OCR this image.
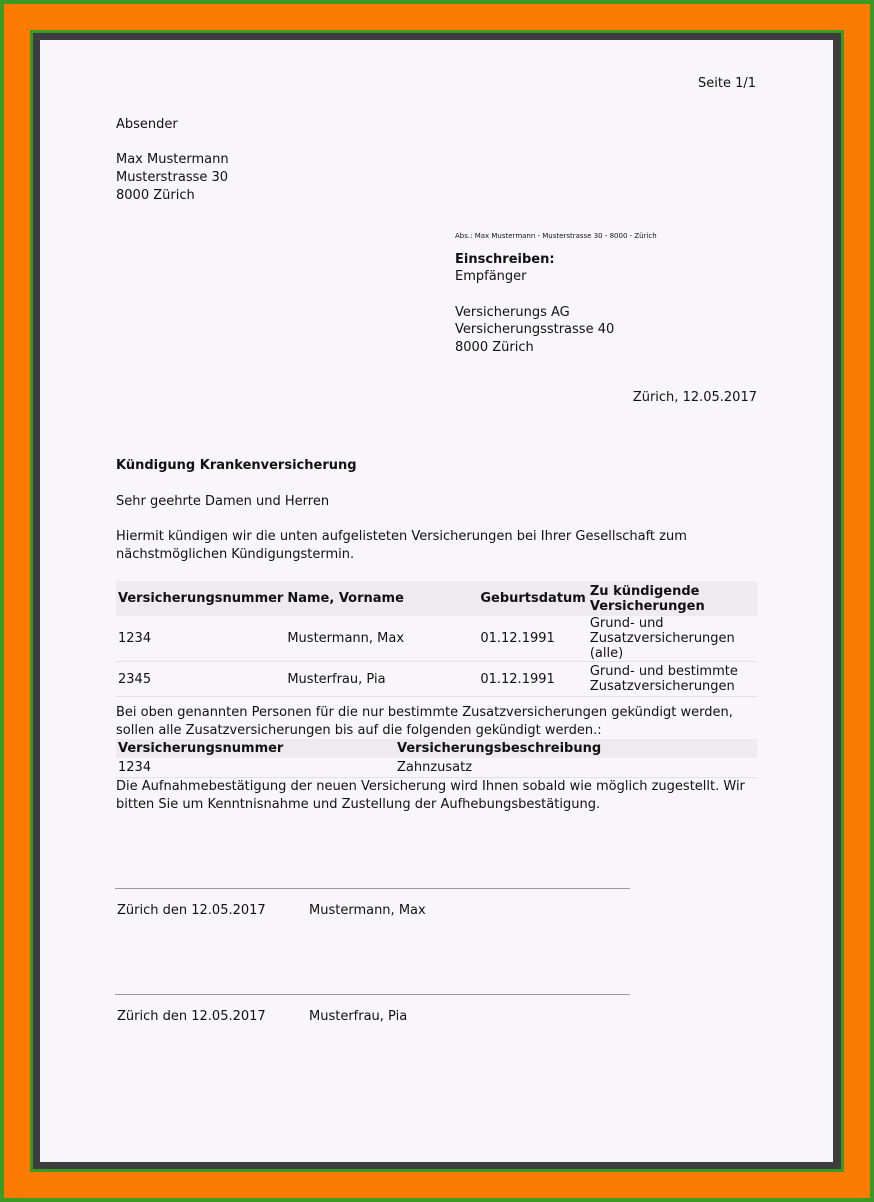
Seite 1/1
Absender
Max Mustermann
Musterstrasse 30
8000 Zürich
Abs.: Max Mustermann - Musterstrasse 30 - 8000 - Zürich
Einschreiben:
Empfänger
Versicherungs AG
Versicherungsstrasse 40
8000 Zürich
Zürich, 12.05.2017
Kündigung Krankenversicherung
Sehr geehrte Damen und Herren
Hiermit kündigen wir die unten aufgelisteten Versicherungen bei Ihrer Gesellschaft zum nächstmöglichen Kündigungstermin.
Versicherungsnummer	Name, Vorname	Geburtsdatum	Zu kündigende Versicherungen
1234	Mustermann, Max	01.12.1991	Grund- und Zusatzversicherungen (alle)
2345	Musterfrau, Pia	01.12.1991	Grund- und bestimmte Zusatzversicherungen
Bei oben genannten Personen für die nur bestimmte Zusatzversicherungen gekündigt werden, sollen alle Zusatzversicherungen bis auf die folgenden gekündigt werden.:
Versicherungsnummer	Versicherungsbeschreibung
1234	Zahnzusatz
Die Aufnahmebestätigung der neuen Versicherung wird Ihnen sobald wie möglich zugestellt. Wir bitten Sie um Kenntnisnahme und Zustellung der Aufhebungsbestätigung.
Zürich den 12.05.2017	Mustermann, Max
Zürich den 12.05.2017	Musterfrau, Pia
